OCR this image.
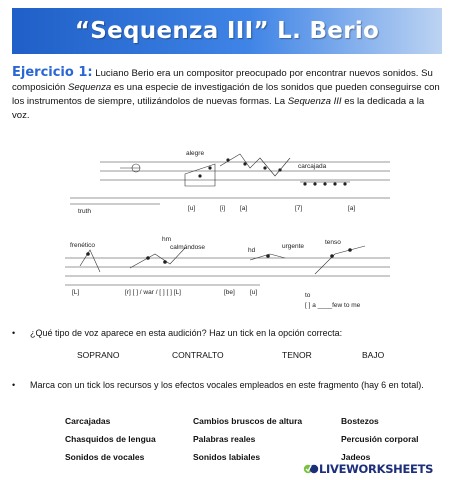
“Sequenza III” L. Berio
Ejercicio 1: Luciano Berio era un compositor preocupado por encontrar nuevos sonidos. Su composición Sequenza es una especie de investigación de los sonidos que pueden conseguirse con los instrumentos de siempre, utilizándolos de nuevas formas. La Sequenza III es la dedicada a la voz.
alegre
carcajada
truth	[u]	[i] [a]	[7]	[a]
frenético
hm
calmándose	hd
urgente
tenso
[L]	[r] [ ] / war / [ ] [ ] [L]	[be] [u]	to
[ ] a ____few to me
•	¿Qué tipo de voz aparece en esta audición? Haz un tick en la opción correcta:
SOPRANO	CONTRALTO	TENOR	BAJO
•	Marca con un tick los recursos y los efectos vocales empleados en este fragmento (hay 6 en total).
Carcajadas	Cambios bruscos de altura	Bostezos
Chasquidos de lengua	Palabras reales	Percusión corporal
Sonidos de vocales	Sonidos labiales	Jadeos
LIVEWORKSHEETS
